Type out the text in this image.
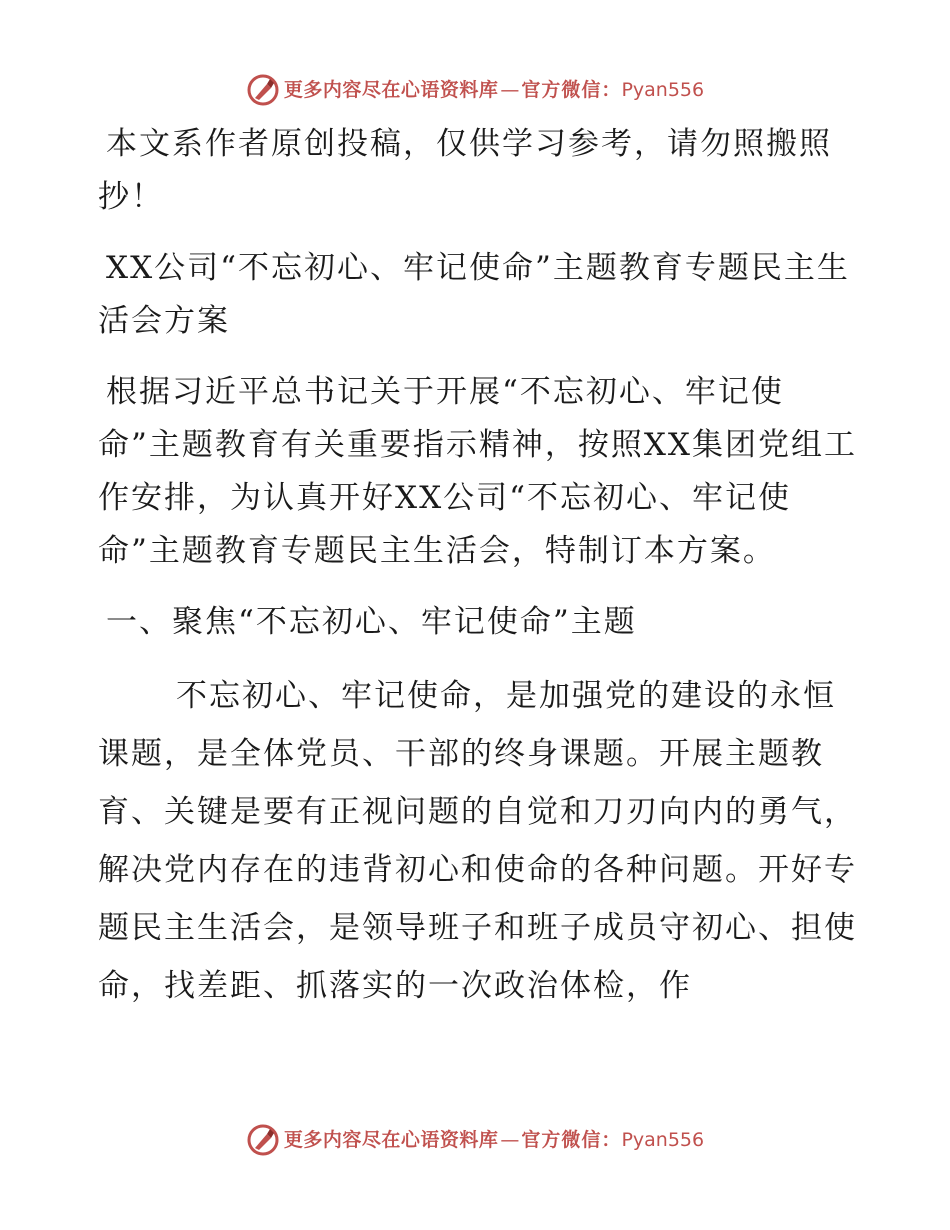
更多内容尽在心语资料库 — 官方微信： Pyan556

本文系作者原创投稿，仅供学习参考，请勿照搬照抄！

XX公司“不忘初心、牢记使命”主题教育专题民主生活会方案

根据习近平总书记关于开展“不忘初心、牢记使命”主题教育有关重要指示精神，按照XX集团党组工作安排，为认真开好XX公司“不忘初心、牢记使命”主题教育专题民主生活会，特制订本方案。

一、聚焦“不忘初心、牢记使命”主题

不忘初心、牢记使命，是加强党的建设的永恒课题，是全体党员、干部的终身课题。开展主题教育、关键是要有正视问题的自觉和刀刃向内的勇气，解决党内存在的违背初心和使命的各种问题。开好专题民主生活会，是领导班子和班子成员守初心、担使命，找差距、抓落实的一次政治体检，作

更多内容尽在心语资料库 — 官方微信： Pyan556
